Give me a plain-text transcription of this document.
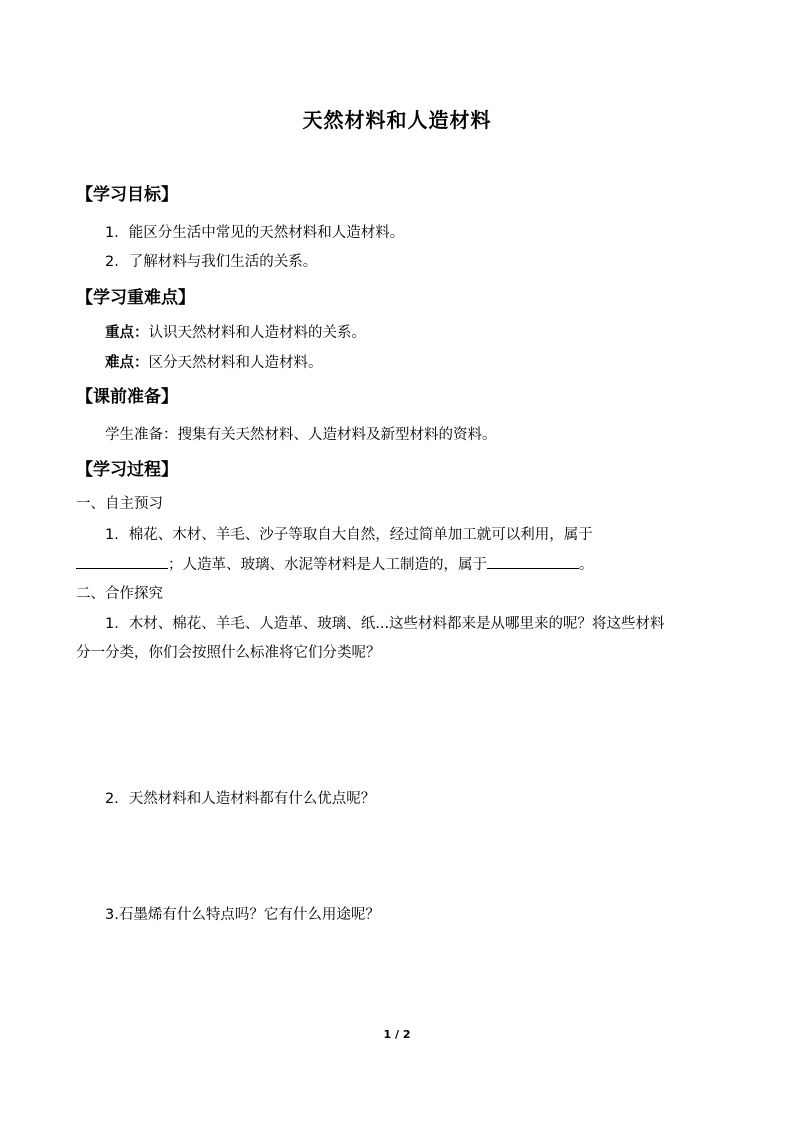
天然材料和人造材料
【学习目标】
1．能区分生活中常见的天然材料和人造材料。
2．了解材料与我们生活的关系。
【学习重难点】
重点：认识天然材料和人造材料的关系。
难点：区分天然材料和人造材料。
【课前准备】
学生准备：搜集有关天然材料、人造材料及新型材料的资料。
【学习过程】
一、自主预习
1．棉花、木材、羊毛、沙子等取自大自然，经过简单加工就可以利用，属于
；人造革、玻璃、水泥等材料是人工制造的，属于	。
二、合作探究
1．木材、棉花、羊毛、人造革、玻璃、纸...这些材料都来是从哪里来的呢？将这些材料
分一分类，你们会按照什么标准将它们分类呢？
2．天然材料和人造材料都有什么优点呢？
3.石墨烯有什么特点吗？它有什么用途呢？
1 / 2
